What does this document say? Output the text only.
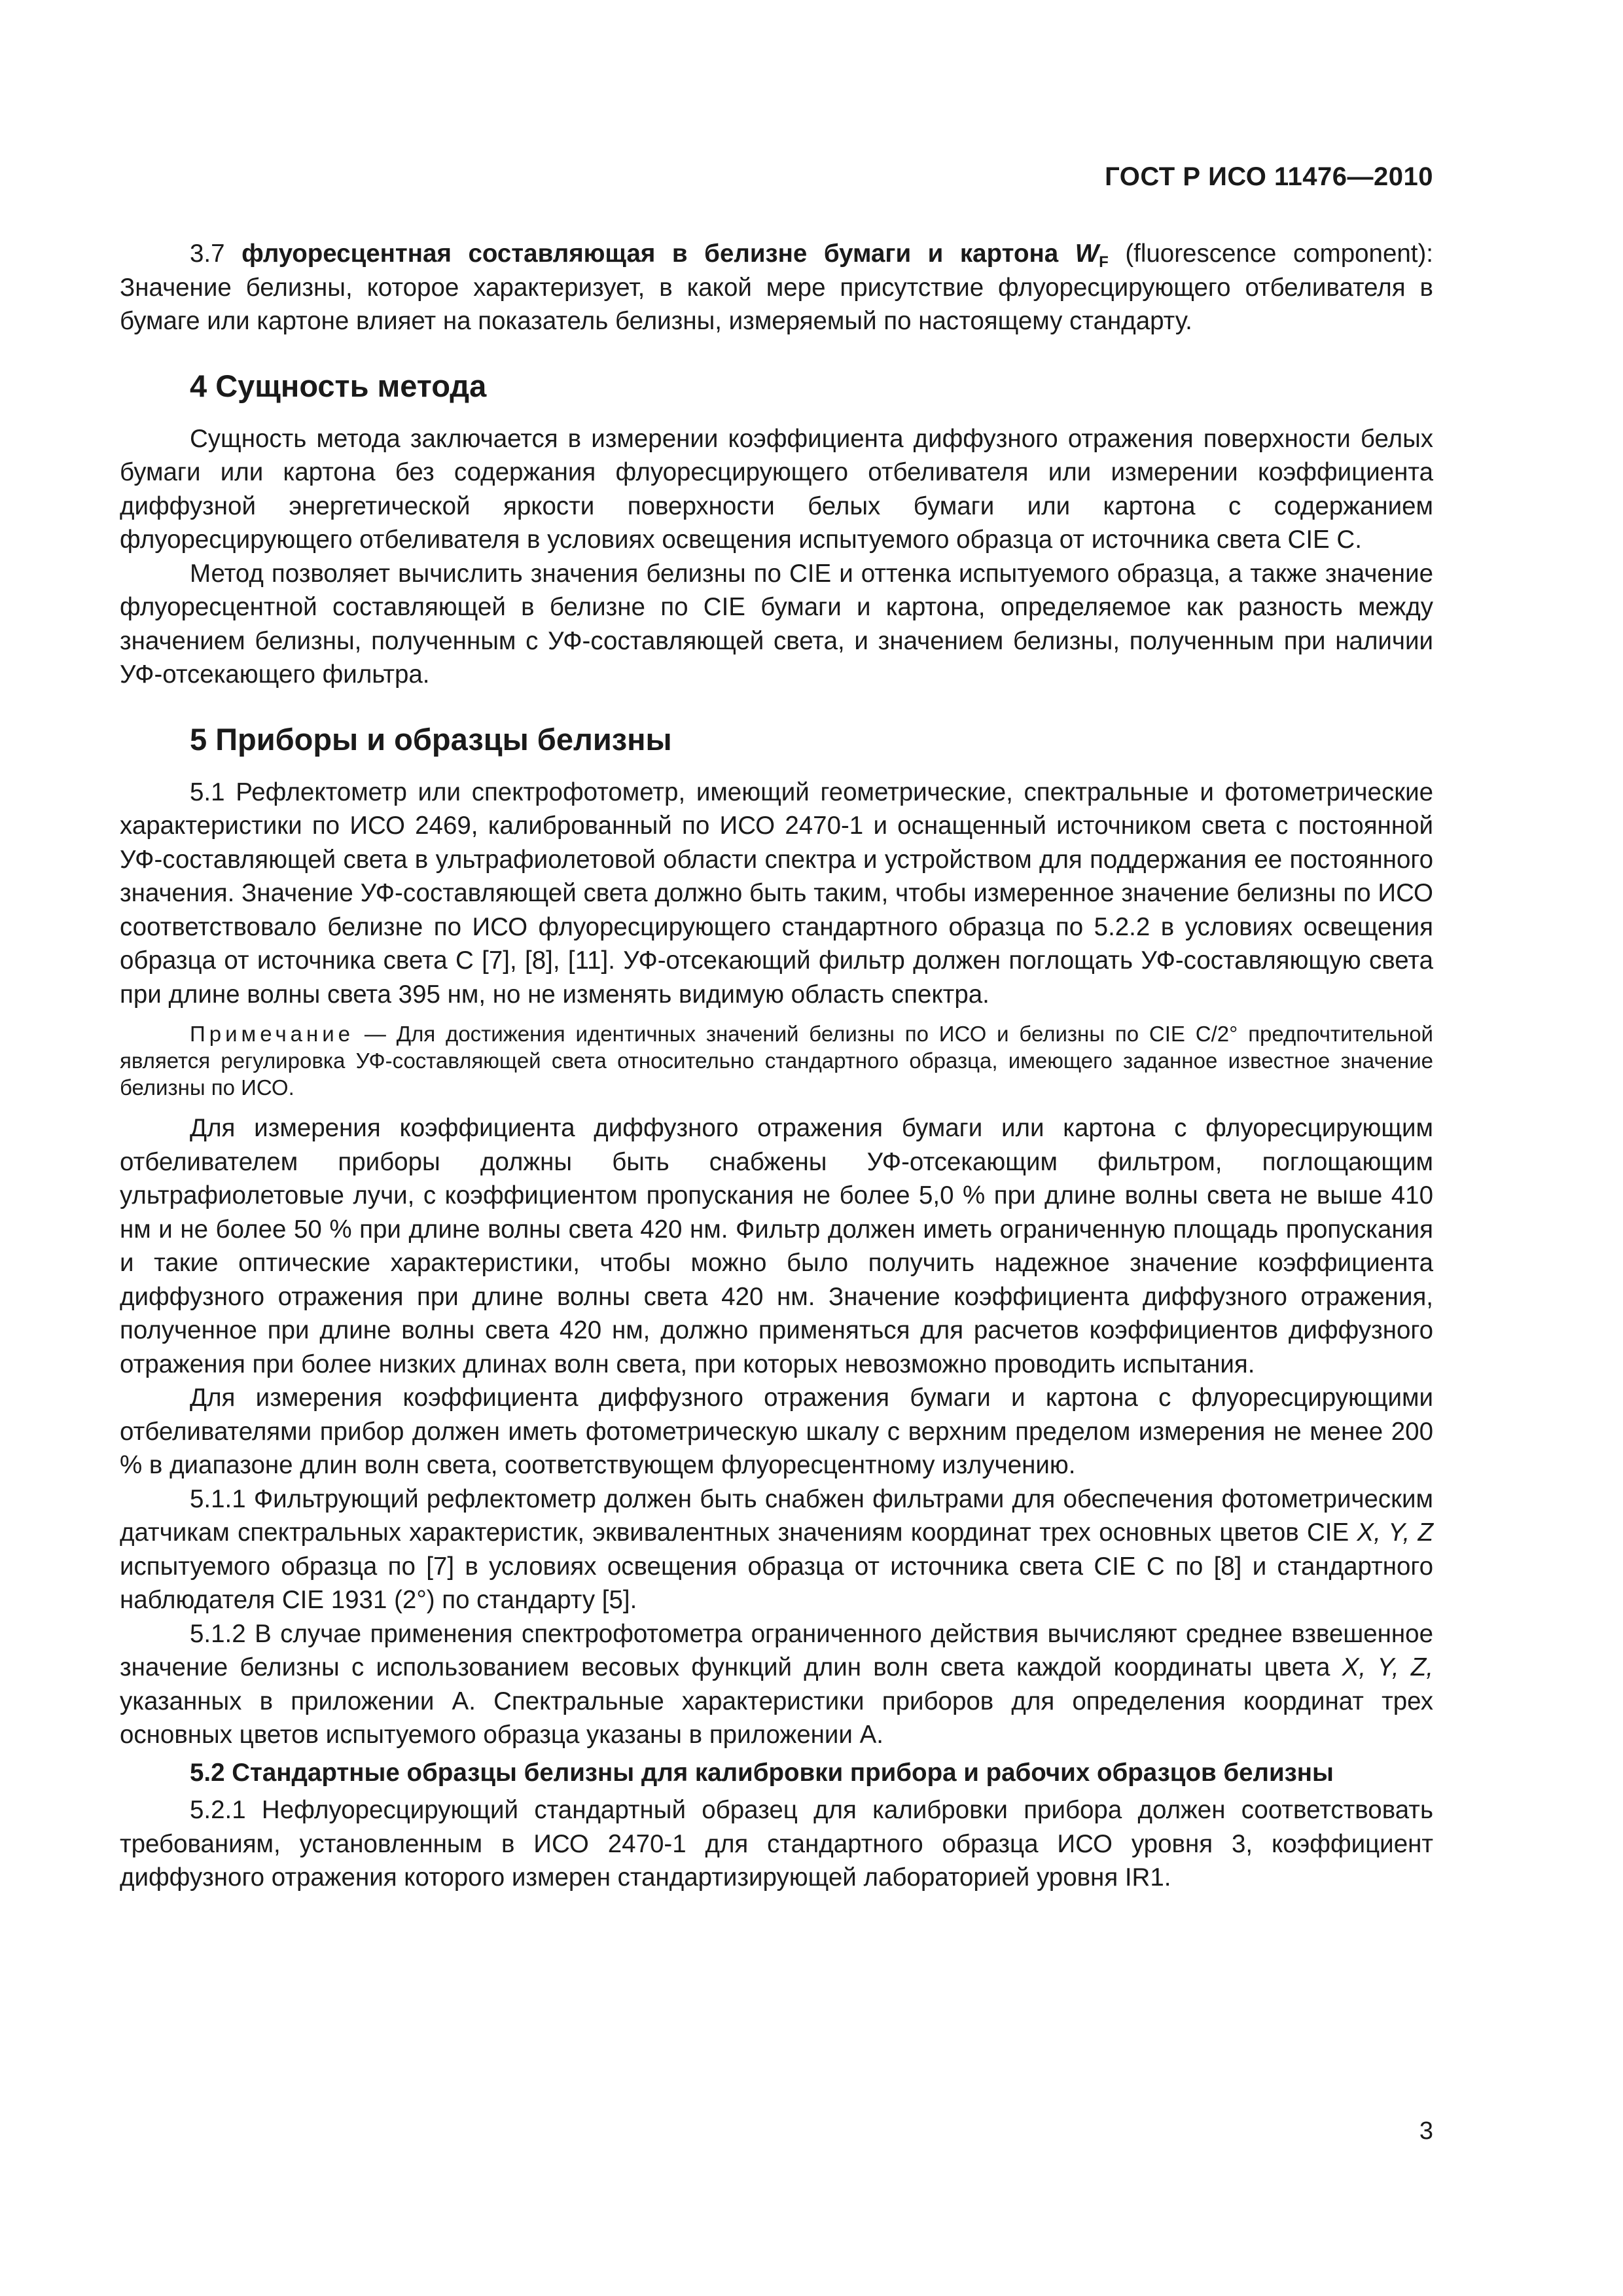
ГОСТ Р ИСО 11476—2010

3.7 флуоресцентная составляющая в белизне бумаги и картона $W_F$ (fluorescence component): Значение белизны, которое характеризует, в какой мере присутствие флуоресцирующего отбеливателя в бумаге или картоне влияет на показатель белизны, измеряемый по настоящему стандарту.

4 Сущность метода

Сущность метода заключается в измерении коэффициента диффузного отражения поверхности белых бумаги или картона без содержания флуоресцирующего отбеливателя или измерении коэффициента диффузной энергетической яркости поверхности белых бумаги или картона с содержанием флуоресцирующего отбеливателя в условиях освещения испытуемого образца от источника света CIE C.

Метод позволяет вычислить значения белизны по CIE и оттенка испытуемого образца, а также значение флуоресцентной составляющей в белизне по CIE бумаги и картона, определяемое как разность между значением белизны, полученным с УФ-составляющей света, и значением белизны, полученным при наличии УФ-отсекающего фильтра.

5 Приборы и образцы белизны

5.1 Рефлектометр или спектрофотометр, имеющий геометрические, спектральные и фотометрические характеристики по ИСО 2469, калиброванный по ИСО 2470-1 и оснащенный источником света с постоянной УФ-составляющей света в ультрафиолетовой области спектра и устройством для поддержания ее постоянного значения. Значение УФ-составляющей света должно быть таким, чтобы измеренное значение белизны по ИСО соответствовало белизне по ИСО флуоресцирующего стандартного образца по 5.2.2 в условиях освещения образца от источника света C [7], [8], [11]. УФ-отсекающий фильтр должен поглощать УФ-составляющую света при длине волны света 395 нм, но не изменять видимую область спектра.

Примечание — Для достижения идентичных значений белизны по ИСО и белизны по CIE C/2° предпочтительной является регулировка УФ-составляющей света относительно стандартного образца, имеющего заданное известное значение белизны по ИСО.

Для измерения коэффициента диффузного отражения бумаги или картона с флуоресцирующим отбеливателем приборы должны быть снабжены УФ-отсекающим фильтром, поглощающим ультрафиолетовые лучи, с коэффициентом пропускания не более 5,0 % при длине волны света не выше 410 нм и не более 50 % при длине волны света 420 нм. Фильтр должен иметь ограниченную площадь пропускания и такие оптические характеристики, чтобы можно было получить надежное значение коэффициента диффузного отражения при длине волны света 420 нм. Значение коэффициента диффузного отражения, полученное при длине волны света 420 нм, должно применяться для расчетов коэффициентов диффузного отражения при более низких длинах волн света, при которых невозможно проводить испытания.

Для измерения коэффициента диффузного отражения бумаги и картона с флуоресцирующими отбеливателями прибор должен иметь фотометрическую шкалу с верхним пределом измерения не менее 200 % в диапазоне длин волн света, соответствующем флуоресцентному излучению.

5.1.1 Фильтрующий рефлектометр должен быть снабжен фильтрами для обеспечения фотометрическим датчикам спектральных характеристик, эквивалентных значениям координат трех основных цветов CIE X, Y, Z испытуемого образца по [7] в условиях освещения образца от источника света CIE C по [8] и стандартного наблюдателя CIE 1931 (2°) по стандарту [5].

5.1.2 В случае применения спектрофотометра ограниченного действия вычисляют среднее взвешенное значение белизны с использованием весовых функций длин волн света каждой координаты цвета X, Y, Z, указанных в приложении А. Спектральные характеристики приборов для определения координат трех основных цветов испытуемого образца указаны в приложении А.

5.2 Стандартные образцы белизны для калибровки прибора и рабочих образцов белизны

5.2.1 Нефлуоресцирующий стандартный образец для калибровки прибора должен соответствовать требованиям, установленным в ИСО 2470-1 для стандартного образца ИСО уровня 3, коэффициент диффузного отражения которого измерен стандартизирующей лабораторией уровня IR1.

3
